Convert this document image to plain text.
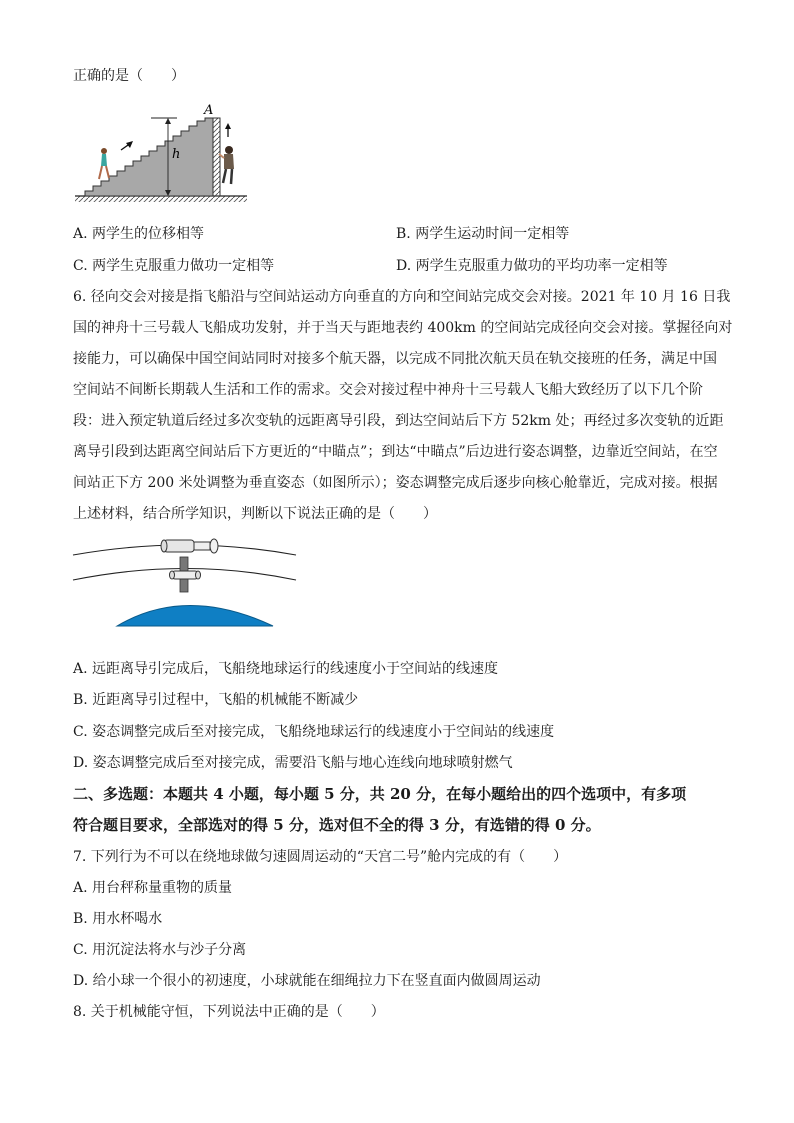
正确的是（　　）
h
A
A. 两学生的位移相等	B. 两学生运动时间一定相等
C. 两学生克服重力做功一定相等	D. 两学生克服重力做功的平均功率一定相等
6. 径向交会对接是指飞船沿与空间站运动方向垂直的方向和空间站完成交会对接。2021 年 10 月 16 日我
国的神舟十三号载人飞船成功发射，并于当天与距地表约 400km 的空间站完成径向交会对接。掌握径向对
接能力，可以确保中国空间站同时对接多个航天器，以完成不同批次航天员在轨交接班的任务，满足中国
空间站不间断长期载人生活和工作的需求。交会对接过程中神舟十三号载人飞船大致经历了以下几个阶
段：进入预定轨道后经过多次变轨的远距离导引段，到达空间站后下方 52km 处；再经过多次变轨的近距
离导引段到达距离空间站后下方更近的“中瞄点”；到达“中瞄点”后边进行姿态调整，边靠近空间站，在空
间站正下方 200 米处调整为垂直姿态（如图所示）；姿态调整完成后逐步向核心舱靠近，完成对接。根据
上述材料，结合所学知识，判断以下说法正确的是（　　）
A. 远距离导引完成后，飞船绕地球运行的线速度小于空间站的线速度
B. 近距离导引过程中，飞船的机械能不断减少
C. 姿态调整完成后至对接完成，飞船绕地球运行的线速度小于空间站的线速度
D. 姿态调整完成后至对接完成，需要沿飞船与地心连线向地球喷射燃气
二、多选题：本题共 4 小题，每小题 5 分，共 20 分，在每小题给出的四个选项中，有多项
符合题目要求，全部选对的得 5 分，选对但不全的得 3 分，有选错的得 0 分。
7. 下列行为不可以在绕地球做匀速圆周运动的“天宫二号”舱内完成的有（　　）
A. 用台秤称量重物的质量
B. 用水杯喝水
C. 用沉淀法将水与沙子分离
D. 给小球一个很小的初速度，小球就能在细绳拉力下在竖直面内做圆周运动
8. 关于机械能守恒，下列说法中正确的是（　　）
